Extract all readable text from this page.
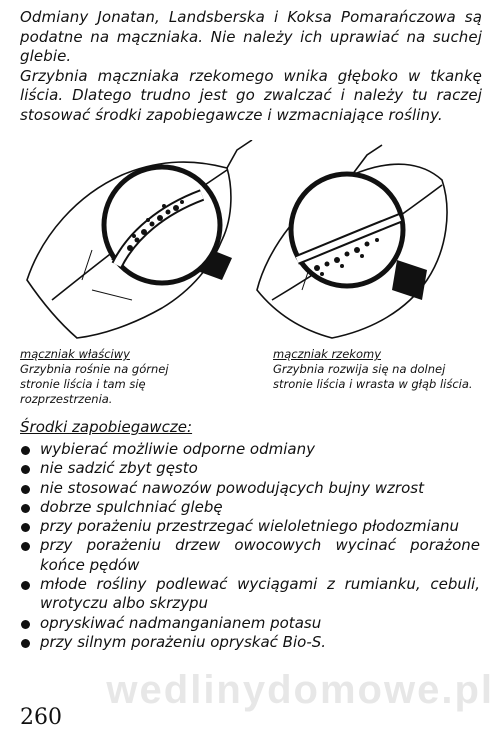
Odmiany Jonatan, Landsberska i Koksa Pomarańczowa są podatne na mączniaka. Nie należy ich uprawiać na suchej glebie.

Grzybnia mączniaka rzekomego wnika głęboko w tkankę liścia. Dlatego trudno jest go zwalczać i należy tu raczej stosować środki zapobiegawcze i wzmacniające rośliny.

mączniak właściwy
Grzybnia rośnie na górnej stronie liścia i tam się rozprzestrzenia.
mączniak rzekomy
Grzybnia rozwija się na dolnej stronie liścia i wrasta w głąb liścia.
Środki zapobiegawcze:
wybierać możliwie odporne odmiany
nie sadzić zbyt gęsto
nie stosować nawozów powodujących bujny wzrost
dobrze spulchniać glebę
przy porażeniu przestrzegać wieloletniego płodozmianu
przy porażeniu drzew owocowych wycinać porażone końce pędów
młode rośliny podlewać wyciągami z rumianku, cebuli, wrotyczu albo skrzypu
opryskiwać nadmanganianem potasu
przy silnym porażeniu opryskać Bio-S.
wedlinydomowe.pl
260
